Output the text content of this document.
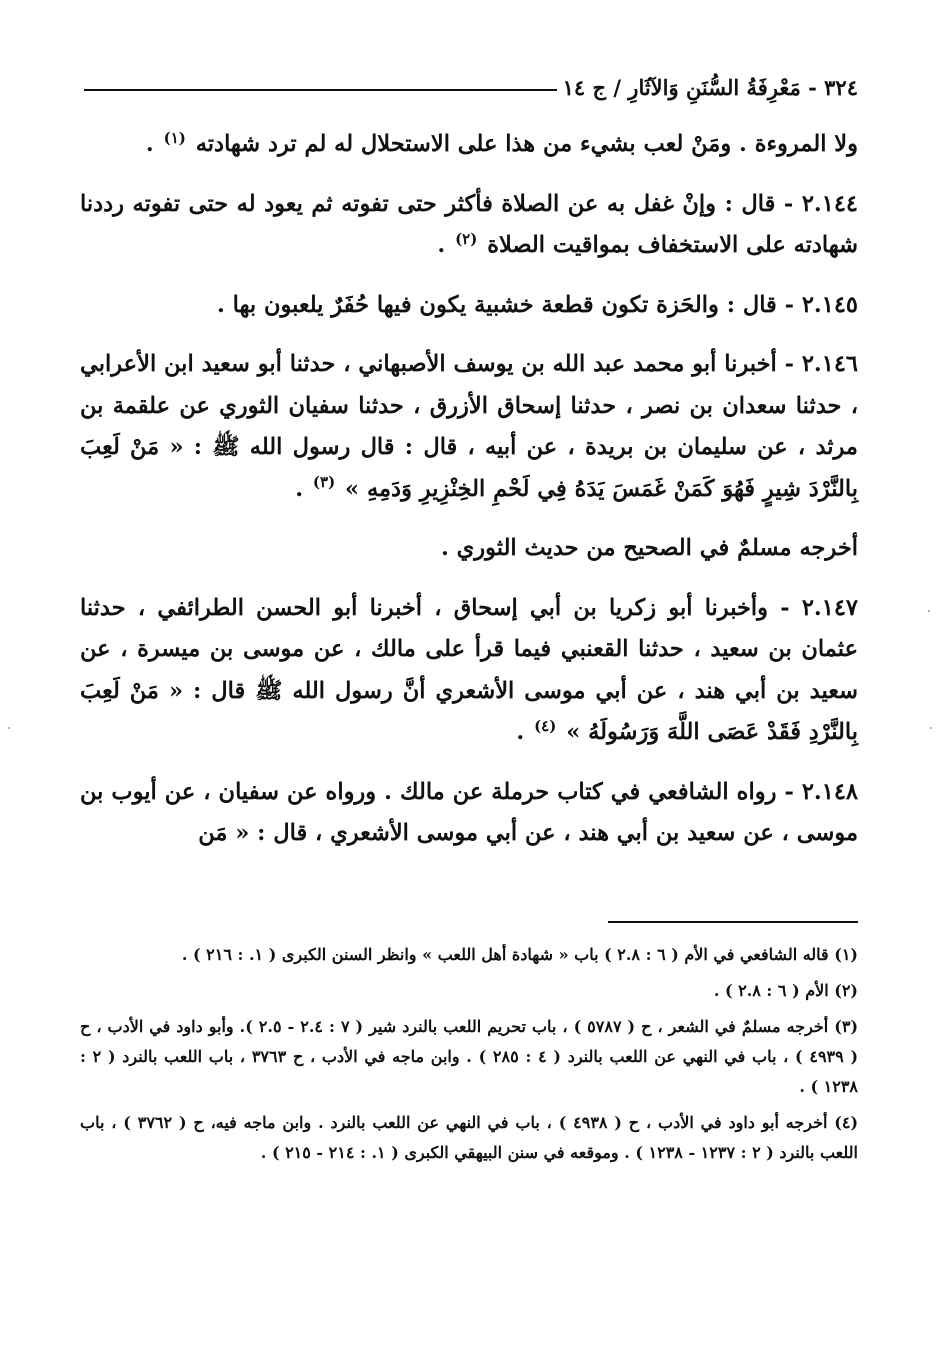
٣٢٤ - مَعْرِفَةُ السُّنَنِ وَالآثَارِ / ج ١٤

ولا المروءة . ومَنْ لعب بشيء من هذا على الاستحلال له لم ترد شهادته $^{(١)}$ .

٢.١٤٤ - قال : وإنْ غفل به عن الصلاة فأكثر حتى تفوته ثم يعود له حتى تفوته رددنا شهادته على الاستخفاف بمواقيت الصلاة $^{(٢)}$ .

٢.١٤٥ - قال : والحَزة تكون قطعة خشبية يكون فيها حُفَرٌ يلعبون بها .

٢.١٤٦ - أخبرنا أبو محمد عبد الله بن يوسف الأصبهاني ، حدثنا أبو سعيد ابن الأعرابي ، حدثنا سعدان بن نصر ، حدثنا إسحاق الأزرق ، حدثنا سفيان الثوري عن علقمة بن مرثد ، عن سليمان بن بريدة ، عن أبيه ، قال : قال رسول الله ﷺ : « مَنْ لَعِبَ بِالنَّرْدَ شِيرٍ فَهُوَ كَمَنْ غَمَسَ يَدَهُ فِي لَحْمِ الخِنْزِيرِ وَدَمِهِ » $^{(٣)}$ .

أخرجه مسلمٌ في الصحيح من حديث الثوري .

٢.١٤٧ - وأخبرنا أبو زكريا بن أبي إسحاق ، أخبرنا أبو الحسن الطرائفي ، حدثنا عثمان بن سعيد ، حدثنا القعنبي فيما قرأ على مالك ، عن موسى بن ميسرة ، عن سعيد بن أبي هند ، عن أبي موسى الأشعري أنَّ رسول الله ﷺ قال : « مَنْ لَعِبَ بِالنَّرْدِ فَقَدْ عَصَى اللَّهَ وَرَسُولَهُ » $^{(٤)}$ .

٢.١٤٨ - رواه الشافعي في كتاب حرملة عن مالك . ورواه عن سفيان ، عن أيوب بن موسى ، عن سعيد بن أبي هند ، عن أبي موسى الأشعري ، قال : « مَن

(١) قاله الشافعي في الأم ( ٦ : ٢.٨ ) باب « شهادة أهل اللعب » وانظر السنن الكبرى ( ١. : ٢١٦ ) .

(٢) الأم ( ٦ : ٢.٨ ) .

(٣) أخرجه مسلمٌ في الشعر ، ح ( ٥٧٨٧ ) ، باب تحريم اللعب بالنرد شير ( ٧ : ٢.٤ - ٢.٥ ). وأبو داود في الأدب ، ح ( ٤٩٣٩ ) ، باب في النهي عن اللعب بالنرد ( ٤ : ٢٨٥ ) . وابن ماجه في الأدب ، ح ٣٧٦٣ ، باب اللعب بالنرد ( ٢ : ١٢٣٨ ) .

(٤) أخرجه أبو داود في الأدب ، ح ( ٤٩٣٨ ) ، باب في النهي عن اللعب بالنرد . وابن ماجه فيه، ح ( ٣٧٦٢ ) ، باب اللعب بالنرد ( ٢ : ١٢٣٧ - ١٢٣٨ ) . وموقعه في سنن البيهقي الكبرى ( ١. : ٢١٤ - ٢١٥ ) .
